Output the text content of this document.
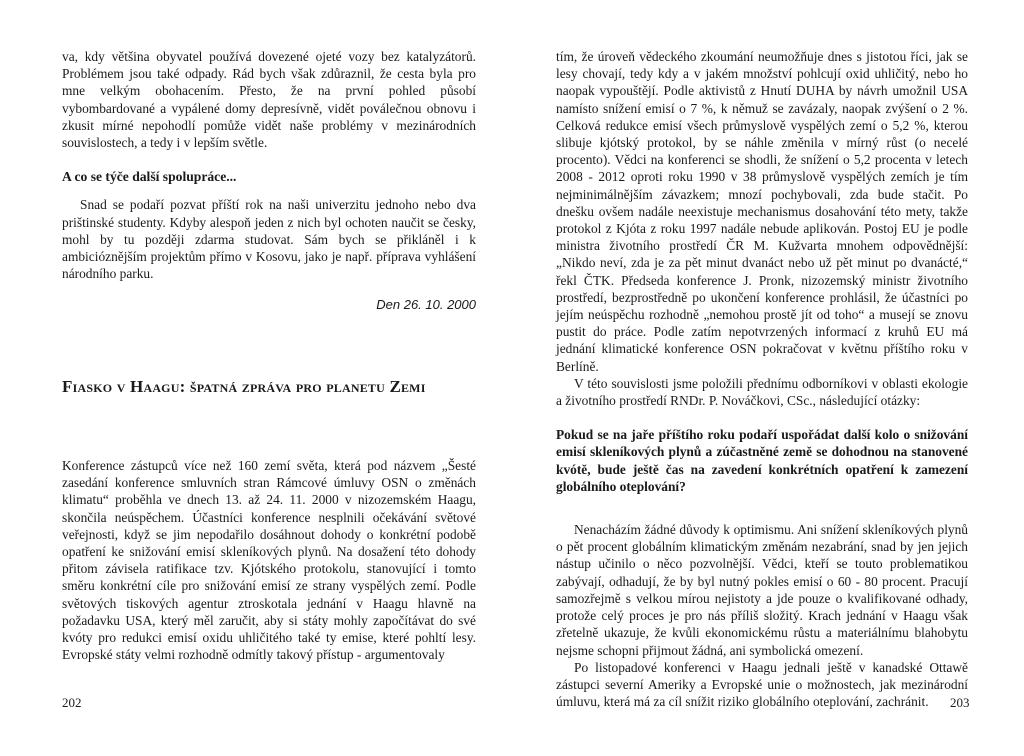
va, kdy většina obyvatel používá dovezené ojeté vozy bez katalyzátorů. Problémem jsou také odpady. Rád bych však zdůraznil, že cesta byla pro mne velkým obohacením. Přesto, že na první pohled působí vybombardované a vypálené domy depresívně, vidět poválečnou obnovu i zkusit mírné nepohodlí pomůže vidět naše problémy v mezinárodních souvislostech, a tedy i v lepším světle.

A co se týče další spolupráce...

Snad se podaří pozvat příští rok na naši univerzitu jednoho nebo dva prištinské studenty. Kdyby alespoň jeden z nich byl ochoten naučit se česky, mohl by tu později zdarma studovat. Sám bych se přikláněl i k ambicióznějším projektům přímo v Kosovu, jako je např. příprava vyhlášení národního parku.

Den 26. 10. 2000

Fiasko v Haagu: špatná zpráva pro planetu Zemi

Konference zástupců více než 160 zemí světa, která pod názvem „Šesté zasedání konference smluvních stran Rámcové úmluvy OSN o změnách klimatu“ proběhla ve dnech 13. až 24. 11. 2000 v nizozemském Haagu, skončila neúspěchem. Účastníci konference nesplnili očekávání světové veřejnosti, když se jim nepodařilo dosáhnout dohody o konkrétní podobě opatření ke snižování emisí skleníkových plynů. Na dosažení této dohody přitom závisela ratifikace tzv. Kjótského protokolu, stanovující i tomto směru konkrétní cíle pro snižování emisí ze strany vyspělých zemí. Podle světových tiskových agentur ztroskotala jednání v Haagu hlavně na požadavku USA, který měl zaručit, aby si státy mohly započítávat do své kvóty pro redukci emisí oxidu uhličitého také ty emise, které pohltí lesy. Evropské státy velmi rozhodně odmítly takový přístup - argumentovaly

202

tím, že úroveň vědeckého zkoumání neumožňuje dnes s jistotou říci, jak se lesy chovají, tedy kdy a v jakém množství pohlcují oxid uhličitý, nebo ho naopak vypouštějí. Podle aktivistů z Hnutí DUHA by návrh umožnil USA namísto snížení emisí o 7 %, k němuž se zavázaly, naopak zvýšení o 2 %. Celková redukce emisí všech průmyslově vyspělých zemí o 5,2 %, kterou slibuje kjótský protokol, by se náhle změnila v mírný růst (o necelé procento). Vědci na konferenci se shodli, že snížení o 5,2 procenta v letech 2008 - 2012 oproti roku 1990 v 38 průmyslově vyspělých zemích je tím nejminimálnějším závazkem; mnozí pochybovali, zda bude stačit. Po dnešku ovšem nadále neexistuje mechanismus dosahování této mety, takže protokol z Kjóta z roku 1997 nadále nebude aplikován. Postoj EU je podle ministra životního prostředí ČR M. Kužvarta mnohem odpovědnější: „Nikdo neví, zda je za pět minut dvanáct nebo už pět minut po dvanácté,“ řekl ČTK. Předseda konference J. Pronk, nizozemský ministr životního prostředí, bezprostředně po ukončení konference prohlásil, že účastníci po jejím neúspěchu rozhodně „nemohou prostě jít od toho“ a musejí se znovu pustit do práce. Podle zatím nepotvrzených informací z kruhů EU má jednání klimatické konference OSN pokračovat v květnu příštího roku v Berlíně.

V této souvislosti jsme položili přednímu odborníkovi v oblasti ekologie a životního prostředí RNDr. P. Nováčkovi, CSc., následující otázky:

Pokud se na jaře příštího roku podaří uspořádat další kolo o snižování emisí skleníkových plynů a zúčastněné země se dohodnou na stanovené kvótě, bude ještě čas na zavedení konkrétních opatření k zamezení globálního oteplování?

Nenacházím žádné důvody k optimismu. Ani snížení skleníkových plynů o pět procent globálním klimatickým změnám nezabrání, snad by jen jejich nástup učinilo o něco pozvolnější. Vědci, kteří se touto problematikou zabývají, odhadují, že by byl nutný pokles emisí o 60 - 80 procent. Pracují samozřejmě s velkou mírou nejistoty a jde pouze o kvalifikované odhady, protože celý proces je pro nás příliš složitý. Krach jednání v Haagu však zřetelně ukazuje, že kvůli ekonomickému růstu a materiálnímu blahobytu nejsme schopni přijmout žádná, ani symbolická omezení.

Po listopadové konferenci v Haagu jednali ještě v kanadské Ottawě zástupci severní Ameriky a Evropské unie o možnostech, jak mezinárodní úmluvu, která má za cíl snížit riziko globálního oteplování, zachránit.	203
